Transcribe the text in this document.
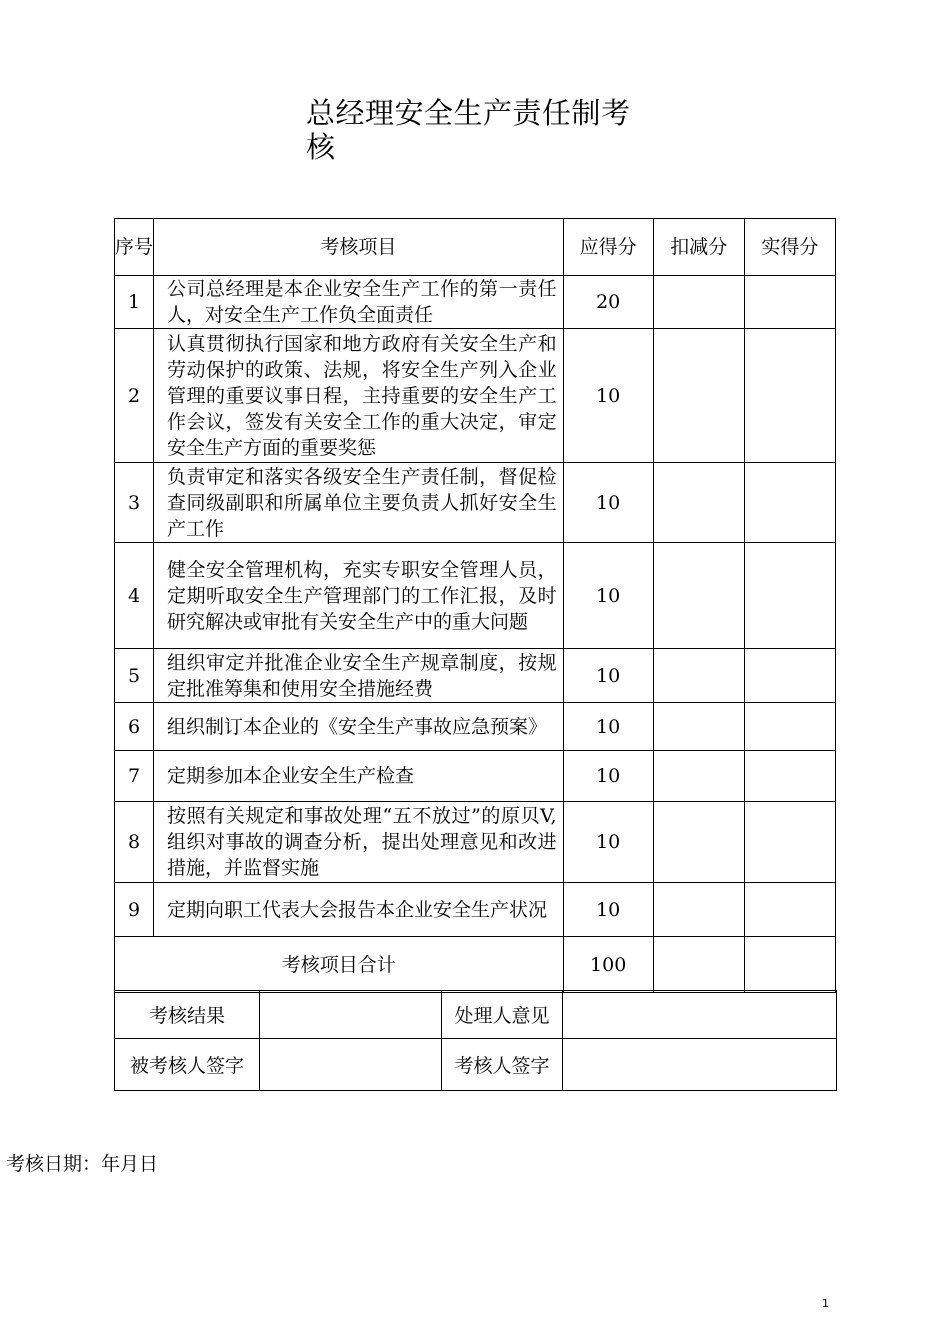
总经理安全生产责任制考核
序号	考核项目	应得分	扣减分	实得分
1	公司总经理是本企业安全生产工作的第一责任人，对安全生产工作负全面责任	20		
2	认真贯彻执行国家和地方政府有关安全生产和劳动保护的政策、法规，将安全生产列入企业管理的重要议事日程，主持重要的安全生产工作会议，签发有关安全工作的重大决定，审定安全生产方面的重要奖惩	10		
3	负责审定和落实各级安全生产责任制，督促检查同级副职和所属单位主要负责人抓好安全生产工作	10		
4	健全安全管理机构，充实专职安全管理人员，定期听取安全生产管理部门的工作汇报，及时研究解决或审批有关安全生产中的重大问题	10		
5	组织审定并批准企业安全生产规章制度，按规定批准筹集和使用安全措施经费	10		
6	组织制订本企业的《安全生产事故应急预案》	10		
7	定期参加本企业安全生产检查	10		
8	按照有关规定和事故处理“五不放过”的原贝V,组织对事故的调查分析，提出处理意见和改进措施，并监督实施	10		
9	定期向职工代表大会报告本企业安全生产状况	10		
考核项目合计		100		
考核结果		处理人意见	
被考核人签字		考核人签字	
考核日期：年月日
1
